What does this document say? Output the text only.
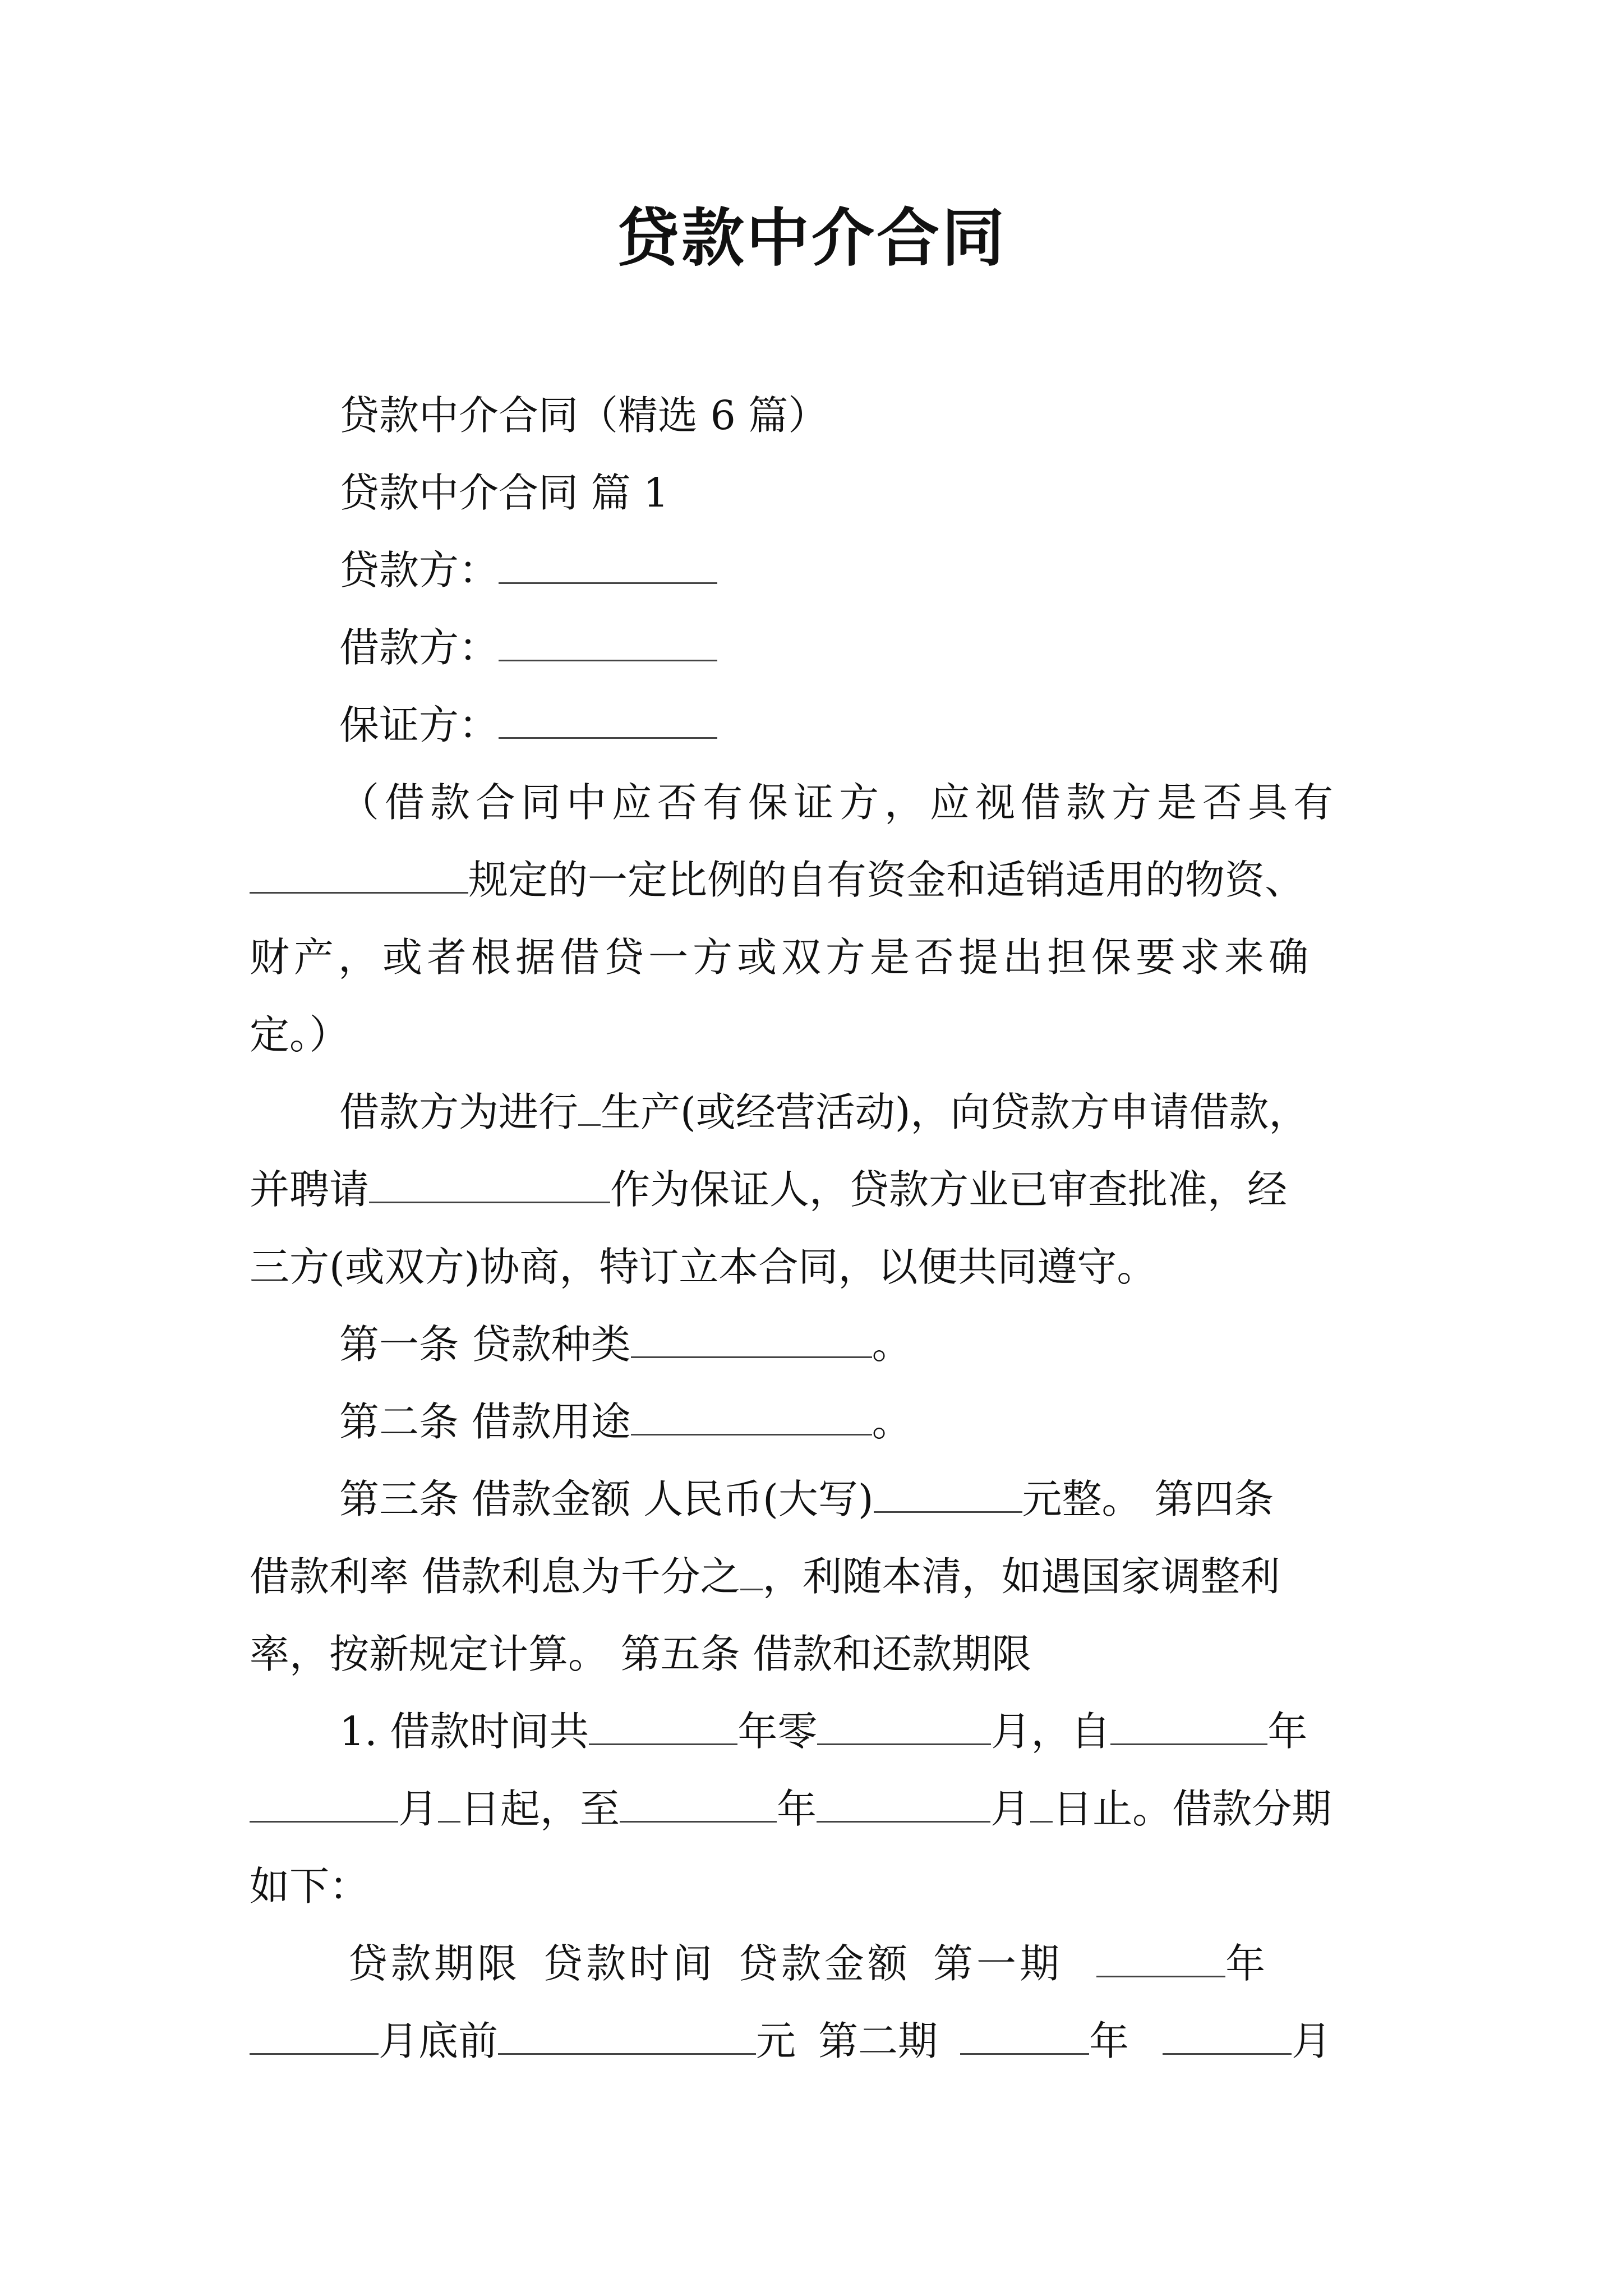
贷款中介合同
贷款中介合同（精选 6 篇）
贷款中介合同 篇 1
贷款方：
借款方：
保证方：
（借款合同中应否有保证方，应视借款方是否具有
规定的一定比例的自有资金和适销适用的物资、
财产，或者根据借贷一方或双方是否提出担保要求来确
定。）
借款方为进行 生产(或经营活动)，向贷款方申请借款，
并聘请	作为保证人，贷款方业已审查批准，经
三方(或双方)协商，特订立本合同，以便共同遵守。
第一条 贷款种类	。
第二条 借款用途	。
第三条 借款金额 人民币(大写)	元整。 第四条
借款利率 借款利息为千分之 ，利随本清，如遇国家调整利
率，按新规定计算。 第五条 借款和还款期限
1. 借款时间共	年零	月，自	年
月 日起，至	年	月 日止。借款分期
如下：
贷款期限 贷款时间 贷款金额 第一期	年
月底前	元 第二期	年	月
